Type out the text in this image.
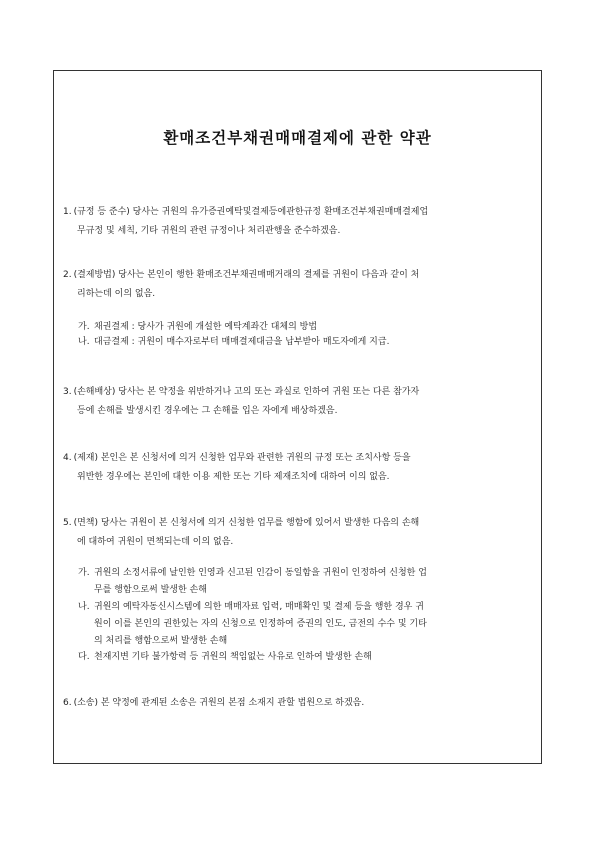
환매조건부채권매매결제에 관한 약관
1. (규정 등 준수) 당사는 귀원의 유가증권예탁및결제등에관한규정 환매조건부채권매매결제업
무규정 및 세칙, 기타 귀원의 관련 규정이나 처리관행을 준수하겠음.
2. (결제방법) 당사는 본인이 행한 환매조건부채권매매거래의 결제를 귀원이 다음과 같이 처
리하는데 이의 없음.
가. 채권결제 : 당사가 귀원에 개설한 예탁계좌간 대체의 방법
나. 대금결제 : 귀원이 매수자로부터 매매결제대금을 납부받아 매도자에게 지급.
3. (손해배상) 당사는 본 약정을 위반하거나 고의 또는 과실로 인하여 귀원 또는 다른 참가자
등에 손해를 발생시킨 경우에는 그 손해를 입은 자에게 배상하겠음.
4. (제재) 본인은 본 신청서에 의거 신청한 업무와 관련한 귀원의 규정 또는 조치사항 등을
위반한 경우에는 본인에 대한 이용 제한 또는 기타 제재조치에 대하여 이의 없음.
5. (면책) 당사는 귀원이 본 신청서에 의거 신청한 업무를 행함에 있어서 발생한 다음의 손해
에 대하여 귀원이 면책되는데 이의 없음.
가. 귀원의 소정서류에 날인한 인영과 신고된 인감이 동일함을 귀원이 인정하여 신청한 업
무를 행함으로써 발생한 손해
나. 귀원의 예탁자동신시스템에 의한 매매자료 입력, 매매확인 및 결제 등을 행한 경우 귀
원이 이를 본인의 권한있는 자의 신청으로 인정하여 증권의 인도, 금전의 수수 및 기타
의 처리를 행함으로써 발생한 손해
다. 천재지변 기타 불가항력 등 귀원의 책임없는 사유로 인하여 발생한 손해
6. (소송) 본 약정에 관계된 소송은 귀원의 본점 소재지 관할 법원으로 하겠음.
